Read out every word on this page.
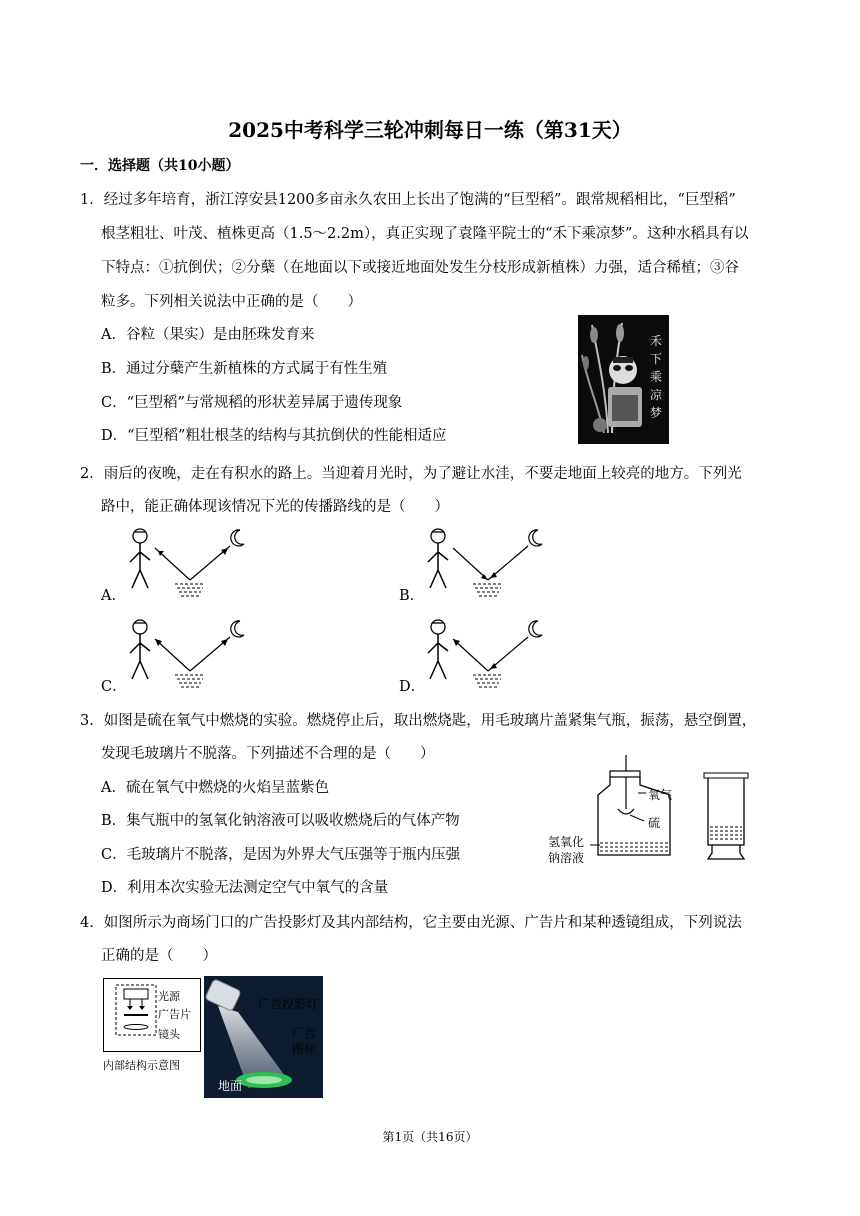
2025中考科学三轮冲刺每日一练（第31天）
一．选择题（共10小题）
1．经过多年培育，浙江淳安县1200多亩永久农田上长出了饱满的“巨型稻”。跟常规稻相比，“巨型稻”
根茎粗壮、叶茂、植株更高（1.5～2.2m），真正实现了袁隆平院士的“禾下乘凉梦”。这种水稻具有以
下特点：①抗倒伏；②分蘖（在地面以下或接近地面处发生分枝形成新植株）力强，适合稀植；③谷
粒多。下列相关说法中正确的是（　　）
A．谷粒（果实）是由胚珠发育来
B．通过分蘖产生新植株的方式属于有性生殖
C．“巨型稻”与常规稻的形状差异属于遗传现象
D．“巨型稻”粗壮根茎的结构与其抗倒伏的性能相适应
禾
下
乘
凉
梦
2．雨后的夜晚，走在有积水的路上。当迎着月光时，为了避让水洼，不要走地面上较亮的地方。下列光
路中，能正确体现该情况下光的传播路线的是（　　）
A．	B．
C．	D．
3．如图是硫在氧气中燃烧的实验。燃烧停止后，取出燃烧匙，用毛玻璃片盖紧集气瓶，振荡，悬空倒置，
发现毛玻璃片不脱落。下列描述不合理的是（　　）
A．硫在氧气中燃烧的火焰呈蓝紫色
B．集气瓶中的氢氧化钠溶液可以吸收燃烧后的气体产物
C．毛玻璃片不脱落，是因为外界大气压强等于瓶内压强
D．利用本次实验无法测定空气中氧气的含量
氧气
硫
氢氧化
钠溶液
4．如图所示为商场门口的广告投影灯及其内部结构，它主要由光源、广告片和某种透镜组成，下列说法
正确的是（　　）
光源
广告片
镜头
内部结构示意图
广告投影灯
广告
图标
地面
第1页（共16页）
